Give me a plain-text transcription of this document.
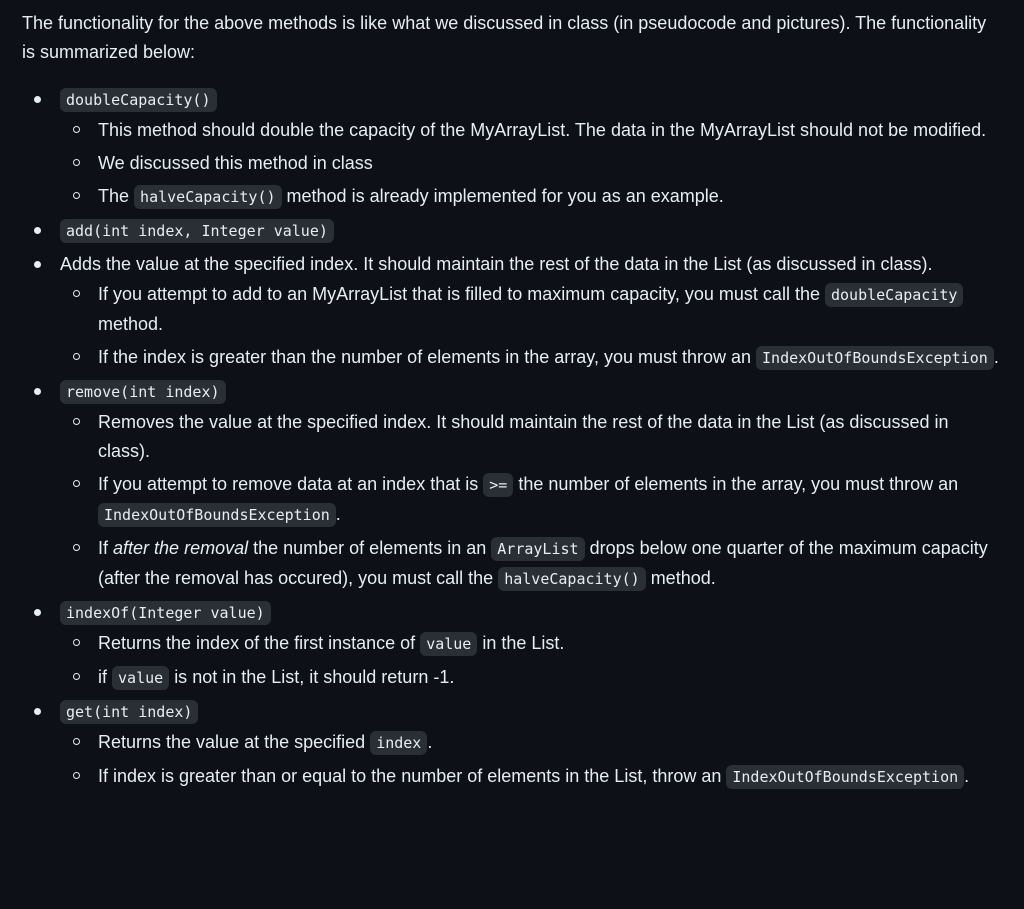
The functionality for the above methods is like what we discussed in class (in pseudocode and pictures). The functionality is summarized below:

doubleCapacity()
This method should double the capacity of the MyArrayList. The data in the MyArrayList should not be modified.
We discussed this method in class
The halveCapacity() method is already implemented for you as an example.
add(int index, Integer value)
Adds the value at the specified index. It should maintain the rest of the data in the List (as discussed in class).
If you attempt to add to an MyArrayList that is filled to maximum capacity, you must call the doubleCapacity method.
If the index is greater than the number of elements in the array, you must throw an IndexOutOfBoundsException .
remove(int index)
Removes the value at the specified index. It should maintain the rest of the data in the List (as discussed in class).
If you attempt to remove data at an index that is >= the number of elements in the array, you must throw an IndexOutOfBoundsException .
If after the removal the number of elements in an ArrayList drops below one quarter of the maximum capacity (after the removal has occured), you must call the halveCapacity() method.
indexOf(Integer value)
Returns the index of the first instance of value in the List.
if value is not in the List, it should return -1.
get(int index)
Returns the value at the specified index .
If index is greater than or equal to the number of elements in the List, throw an IndexOutOfBoundsException .
